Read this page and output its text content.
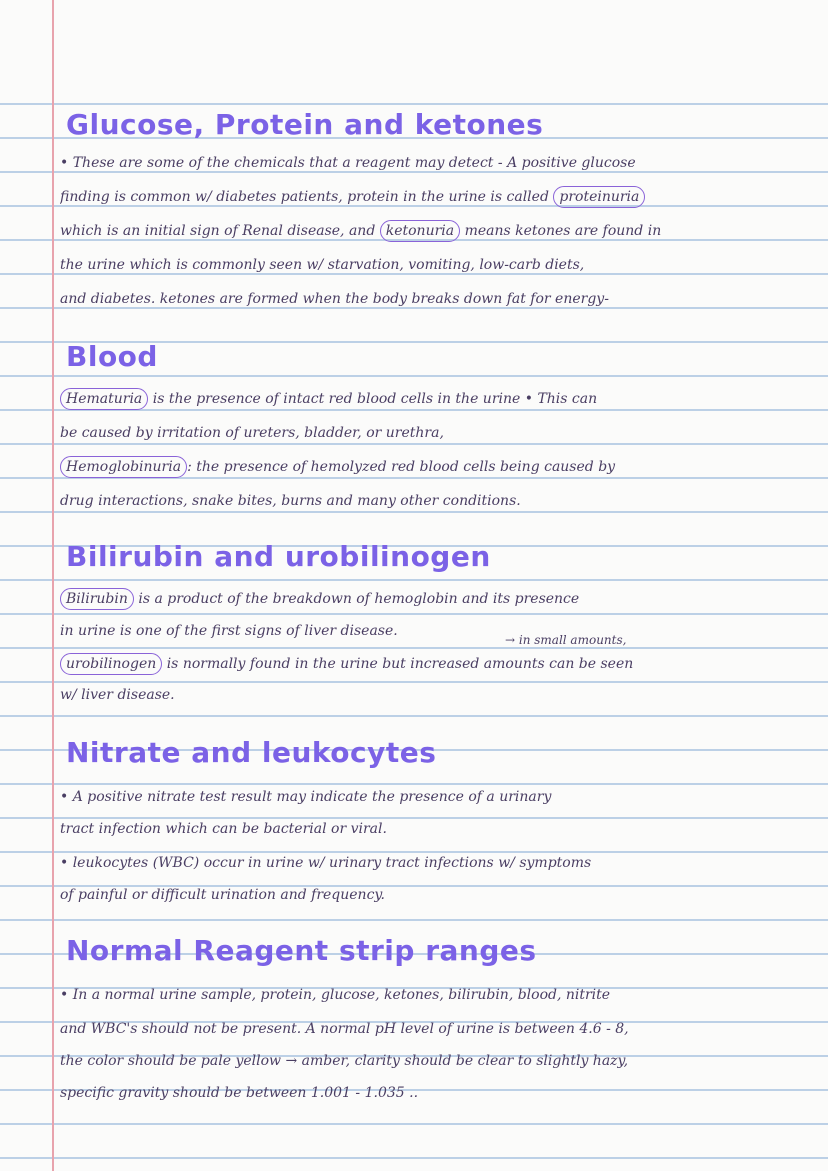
Glucose, Protein and ketones
• These are some of the chemicals that a reagent may detect - A positive glucose
finding is common w/ diabetes patients, protein in the urine is called proteinuria
which is an initial sign of Renal disease, and ketonuria means ketones are found in
the urine which is commonly seen w/ starvation, vomiting, low-carb diets,
and diabetes. ketones are formed when the body breaks down fat for energy-
Blood
Hematuria is the presence of intact red blood cells in the urine • This can
be caused by irritation of ureters, bladder, or urethra,
Hemoglobinuria : the presence of hemolyzed red blood cells being caused by
drug interactions, snake bites, burns and many other conditions.
Bilirubin and urobilinogen
Bilirubin is a product of the breakdown of hemoglobin and its presence
in urine is one of the first signs of liver disease.
→ in small amounts,
urobilinogen is normally found in the urine but increased amounts can be seen
w/ liver disease.
Nitrate and leukocytes
• A positive nitrate test result may indicate the presence of a urinary
tract infection which can be bacterial or viral.
• leukocytes (WBC) occur in urine w/ urinary tract infections w/ symptoms
of painful or difficult urination and frequency.
Normal Reagent strip ranges
• In a normal urine sample, protein, glucose, ketones, bilirubin, blood, nitrite
and WBC's should not be present. A normal pH level of urine is between 4.6 - 8,
the color should be pale yellow → amber, clarity should be clear to slightly hazy,
specific gravity should be between 1.001 - 1.035 ..
